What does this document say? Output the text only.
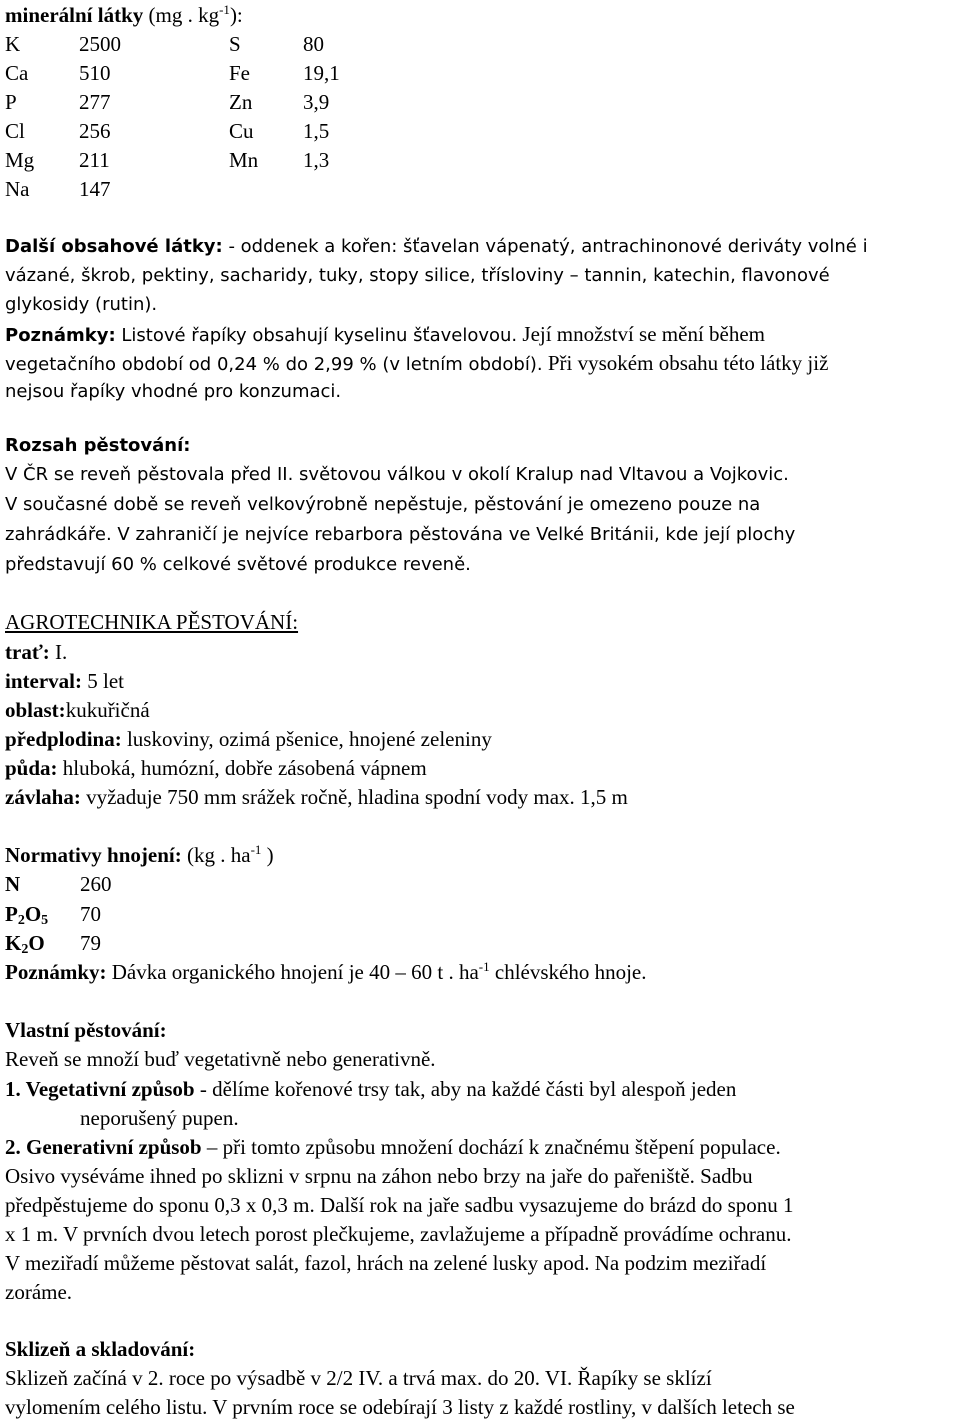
minerální látky (mg . $kg^{-1}$):
K	2500	S	80
Ca 510	Fe	19,1
P	277	Zn 3,9
Cl	256	Cu 1,5
Mg 211	Mn 1,3
Na 147
Další obsahové látky: - oddenek a kořen: šťavelan vápenatý, antrachinonové deriváty volné i
vázané, škrob, pektiny, sacharidy, tuky, stopy silice, třísloviny – tannin, katechin, flavonové
glykosidy (rutin).
Poznámky: Listové řapíky obsahují kyselinu šťavelovou. Její množství se mění během
vegetačního období od 0,24 % do 2,99 % (v letním období). Při vysokém obsahu této látky již
nejsou řapíky vhodné pro konzumaci.
Rozsah pěstování:
V ČR se reveň pěstovala před II. světovou válkou v okolí Kralup nad Vltavou a Vojkovic.
V současné době se reveň velkovýrobně nepěstuje, pěstování je omezeno pouze na
zahrádkáře. V zahraničí je nejvíce rebarbora pěstována ve Velké Británii, kde její plochy
představují 60 % celkové světové produkce reveně.
AGROTECHNIKA PĚSTOVÁNÍ:
trať: I.
interval: 5 let
oblast:kukuřičná
předplodina: luskoviny, ozimá pšenice, hnojené zeleniny
půda: hluboká, humózní, dobře zásobená vápnem
závlaha: vyžaduje 750 mm srážek ročně, hladina spodní vody max. 1,5 m
Normativy hnojení: (kg . $ha^{-1}$ )
N	260
$P_2O_5$ 70
$K_2O$ 79
Poznámky: Dávka organického hnojení je 40 – 60 t . $ha^{-1}$ chlévského hnoje.
Vlastní pěstování:
Reveň se množí buď vegetativně nebo generativně.
1. Vegetativní způsob - dělíme kořenové trsy tak, aby na každé části byl alespoň jeden
neporušený pupen.
2. Generativní způsob – při tomto způsobu množení dochází k značnému štěpení populace.
Osivo vyséváme ihned po sklizni v srpnu na záhon nebo brzy na jaře do pařeniště. Sadbu
předpěstujeme do sponu 0,3 x 0,3 m. Další rok na jaře sadbu vysazujeme do brázd do sponu 1
x 1 m. V prvních dvou letech porost plečkujeme, zavlažujeme a případně provádíme ochranu.
V meziřadí můžeme pěstovat salát, fazol, hrách na zelené lusky apod. Na podzim meziřadí
zoráme.
Sklizeň a skladování:
Sklizeň začíná v 2. roce po výsadbě v 2/2 IV. a trvá max. do 20. VI. Řapíky se sklízí
vylomením celého listu. V prvním roce se odebírají 3 listy z každé rostliny, v dalších letech se
